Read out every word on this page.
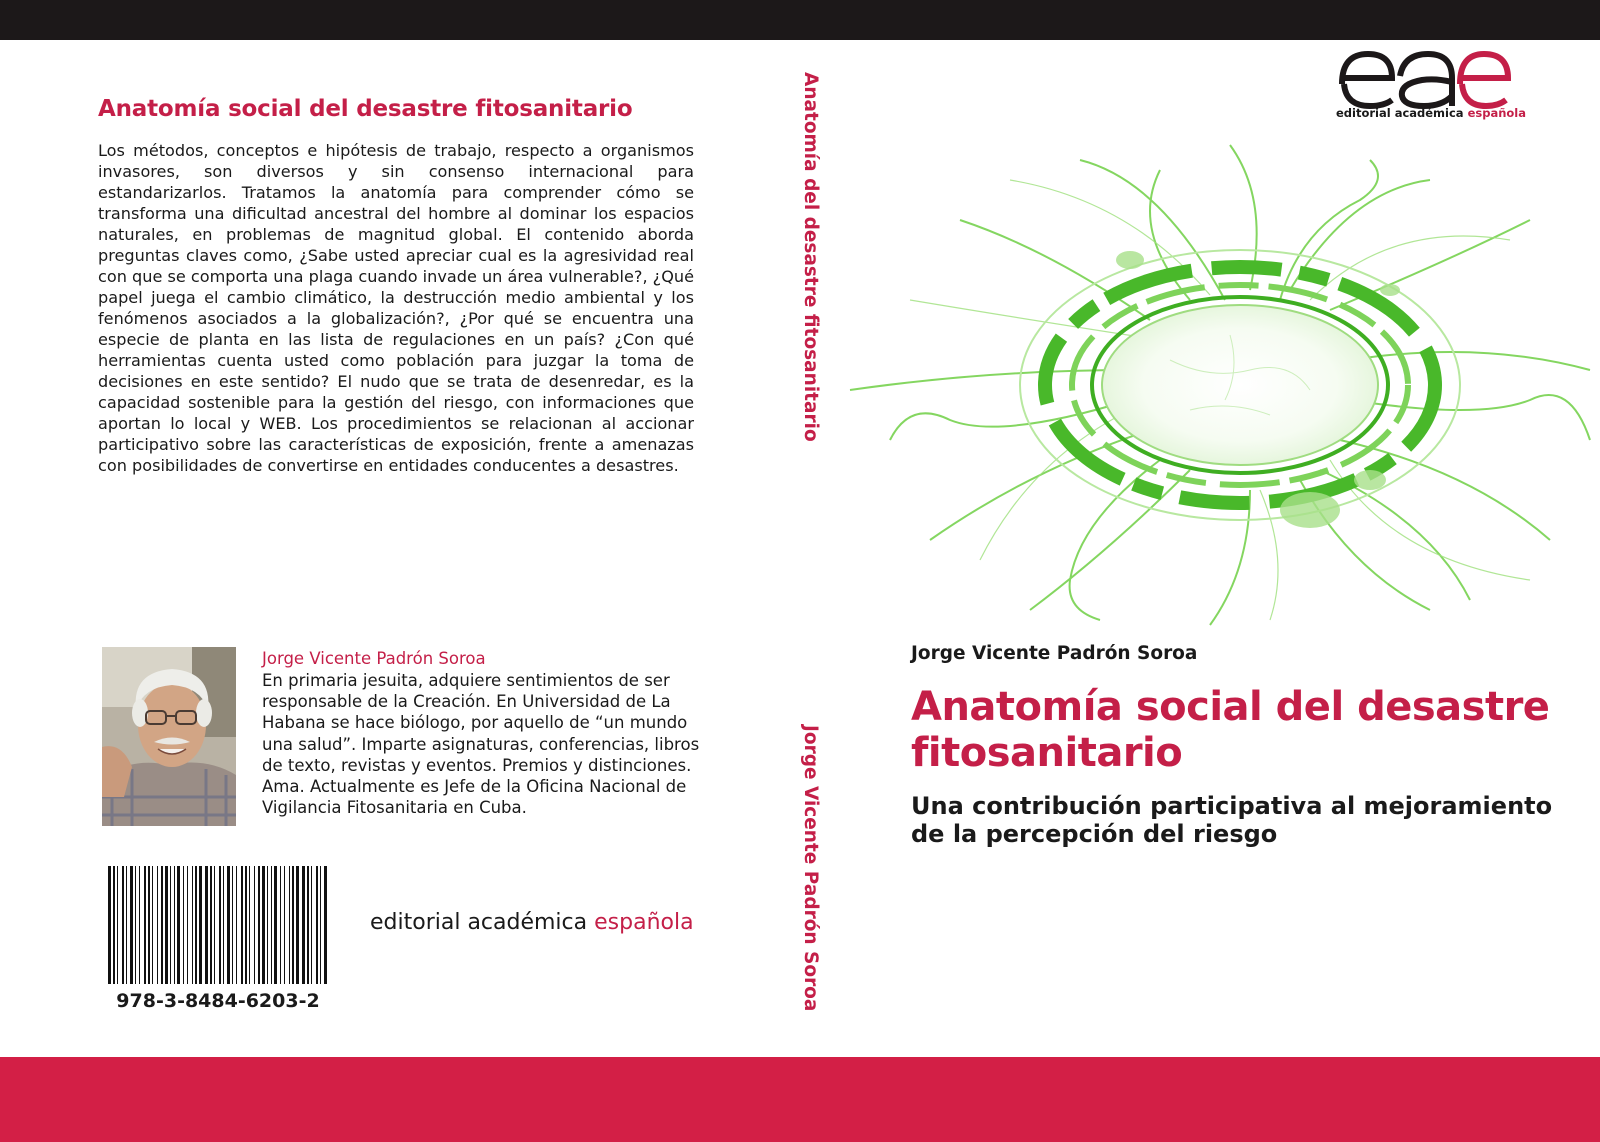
Anatomía social del desastre fitosanitario
Los métodos, conceptos e hipótesis de trabajo, respecto a organismos invasores, son diversos y sin consenso internacional para estandarizarlos. Tratamos la anatomía para comprender cómo se transforma una dificultad ancestral del hombre al dominar los espacios naturales, en problemas de magnitud global. El contenido aborda preguntas claves como, ¿Sabe usted apreciar cual es la agresividad real con que se comporta una plaga cuando invade un área vulnerable?, ¿Qué papel juega el cambio climático, la destrucción medio ambiental y los fenómenos asociados a la globalización?, ¿Por qué se encuentra una especie de planta en las lista de regulaciones en un país? ¿Con qué herramientas cuenta usted como población para juzgar la toma de decisiones en este sentido? El nudo que se trata de desenredar, es la capacidad sostenible para la gestión del riesgo, con informaciones que aportan lo local y WEB. Los procedimientos se relacionan al accionar participativo sobre las características de exposición, frente a amenazas con posibilidades de convertirse en entidades conducentes a desastres.
Jorge Vicente Padrón Soroa
En primaria jesuita, adquiere sentimientos de ser responsable de la Creación. En Universidad de La Habana se hace biólogo, por aquello de “un mundo una salud”. Imparte asignaturas, conferencias, libros de texto, revistas y eventos. Premios y distinciones. Ama. Actualmente es Jefe de la Oficina Nacional de Vigilancia Fitosanitaria en Cuba.
978-3-8484-6203-2
editorial académica española
Anatomía del desastre fitosanitario
Jorge Vicente Padrón Soroa
editorial académica española
Jorge Vicente Padrón Soroa
Anatomía social del desastre fitosanitario
Una contribución participativa al mejoramiento de la percepción del riesgo
